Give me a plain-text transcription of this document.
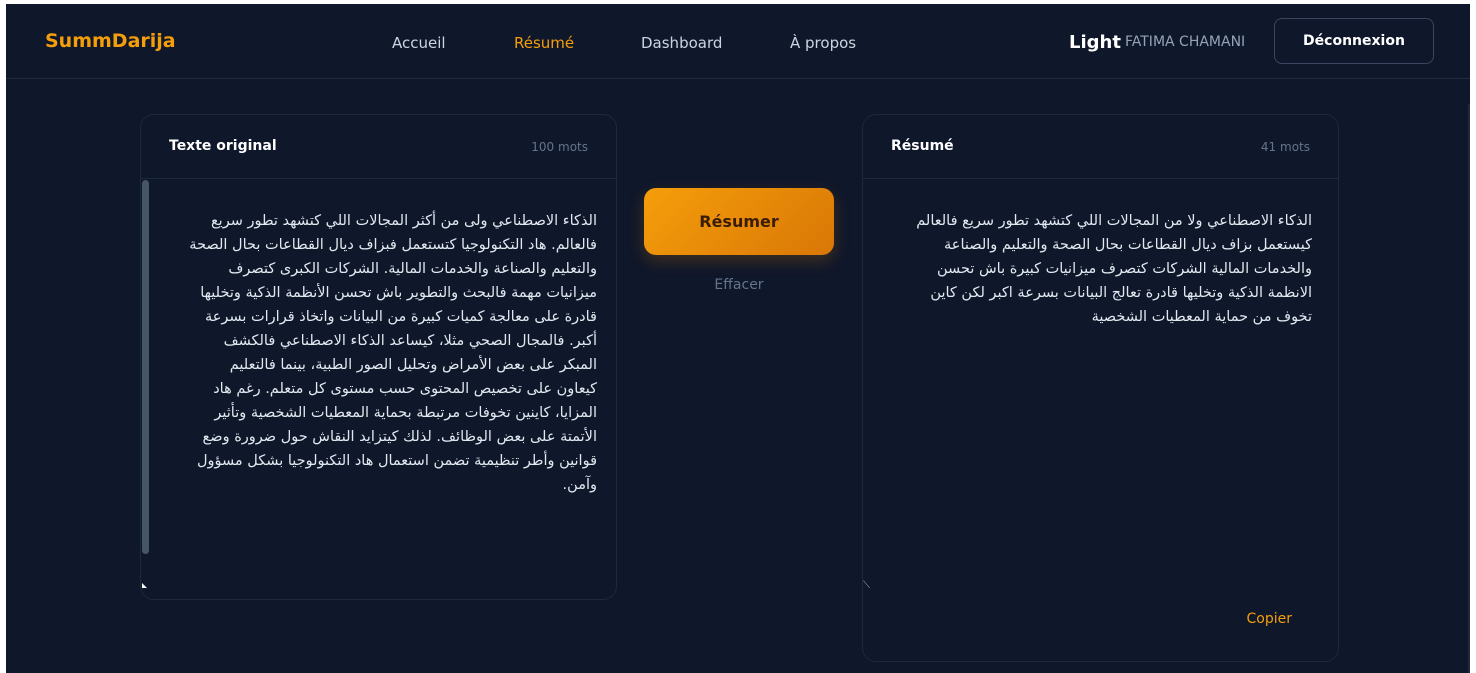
SummDarija	Accueil	Résumé	Dashboard	À propos	Light FATIMA CHAMANI	Déconnexion
Texte original	100 mots
الذكاء الاصطناعي ولى من أكثر المجالات اللي كتشهد تطور سريع فالعالم. هاد التكنولوجيا كتستعمل فبزاف ديال القطاعات بحال الصحة والتعليم والصناعة والخدمات المالية. الشركات الكبرى كتصرف ميزانيات مهمة فالبحث والتطوير باش تحسن الأنظمة الذكية وتخليها قادرة على معالجة كميات كبيرة من البيانات واتخاذ قرارات بسرعة أكبر. فالمجال الصحي مثلا، كيساعد الذكاء الاصطناعي فالكشف المبكر على بعض الأمراض وتحليل الصور الطبية، بينما فالتعليم كيعاون على تخصيص المحتوى حسب مستوى كل متعلم. رغم هاد المزايا، كاينين تخوفات مرتبطة بحماية المعطيات الشخصية وتأثير الأتمتة على بعض الوظائف. لذلك كيتزايد النقاش حول ضرورة وضع قوانين وأطر تنظيمية تضمن استعمال هاد التكنولوجيا بشكل مسؤول وآمن.
Résumer
Effacer
Résumé	41 mots
الذكاء الاصطناعي ولا من المجالات اللي كتشهد تطور سريع فالعالم كيستعمل بزاف ديال القطاعات بحال الصحة والتعليم والصناعة والخدمات المالية الشركات كتصرف ميزانيات كبيرة باش تحسن الانظمة الذكية وتخليها قادرة تعالج البيانات بسرعة اكبر لكن كاين تخوف من حماية المعطيات الشخصية
⟍
Copier
